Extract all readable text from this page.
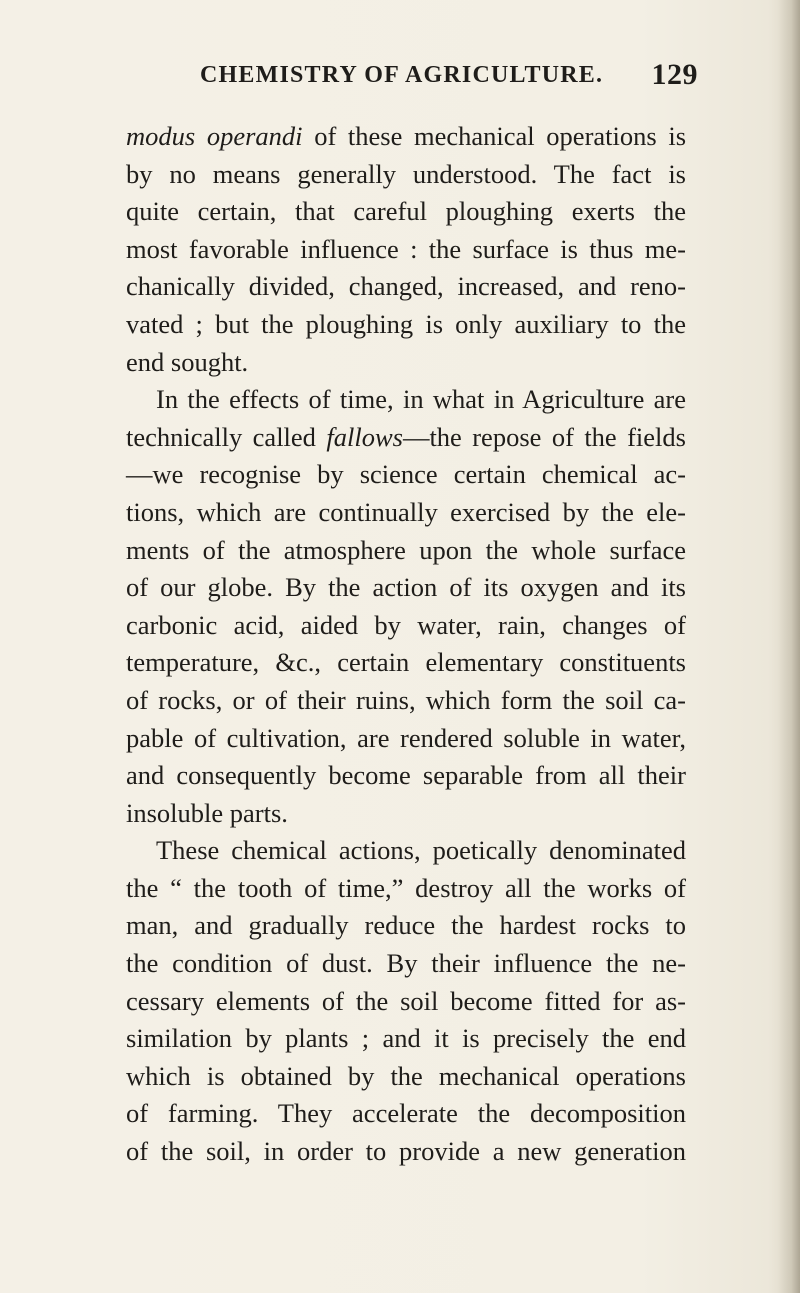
CHEMISTRY OF AGRICULTURE. 129
modus operandi of these mechanical operations is
by no means generally understood. The fact is
quite certain, that careful ploughing exerts the
most favorable influence : the surface is thus me-
chanically divided, changed, increased, and reno-
vated ; but the ploughing is only auxiliary to the
end sought.
In the effects of time, in what in Agriculture are
technically called fallows—the repose of the fields
—we recognise by science certain chemical ac-
tions, which are continually exercised by the ele-
ments of the atmosphere upon the whole surface
of our globe. By the action of its oxygen and its
carbonic acid, aided by water, rain, changes of
temperature, &c., certain elementary constituents
of rocks, or of their ruins, which form the soil ca-
pable of cultivation, are rendered soluble in water,
and consequently become separable from all their
insoluble parts.
These chemical actions, poetically denominated
the “ the tooth of time,” destroy all the works of
man, and gradually reduce the hardest rocks to
the condition of dust. By their influence the ne-
cessary elements of the soil become fitted for as-
similation by plants ; and it is precisely the end
which is obtained by the mechanical operations
of farming. They accelerate the decomposition
of the soil, in order to provide a new generation
